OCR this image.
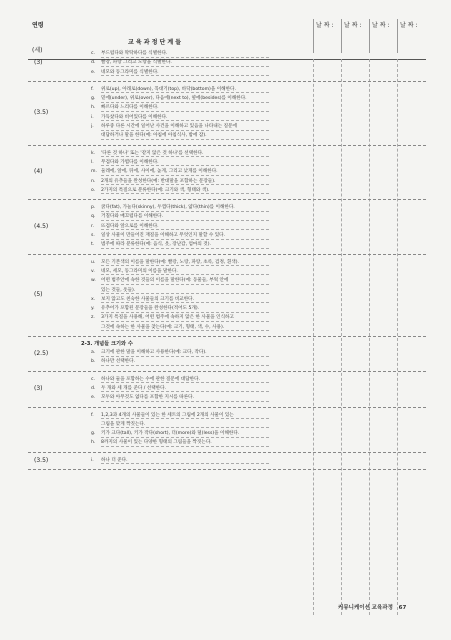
연령
(세)
교 육 과 정 단 계 들
날 짜 : 날 짜 : 날 짜 : 날 짜 :
c. 부드럽다와 딱딱하다를 식별한다.
d. 빨강, 파랑 그리고 노랑을 식별한다.
e. 네모와 동그라미를 식별한다.
(3)
f. 위로(up), 아래로(down), 꼭대기(top), 바닥(bottom)을 이해한다.
g. 밑에(under), 위로(over), 다음에(next to), 옆에(besides)를 이해한다.
h. 빠르다와 느리다를 이해한다.
i. 가득찼다와 비어있다를 이해한다.
j. 하루중 다른 시간에 일어난 사건을 이해하고 있음을 나타내는 질문에
대답하거나 말을 한다(예: 아침에 아침식사, 밤에 잠).
(3.5)
k. '다른 것 하나' 또는 '같지 않은 것 하나'를 선택한다.
l. 무겁다와 가볍다를 이해한다.
m. 둘레에, 앞에, 뒤에, 사이에, 높게, 그리고 낮게를 이해한다.
n. 2개의 유추들을 완성한다(예: 반대말을 포함하는 문장들).
o. 2가지의 특질으로 분류한다(예: 크기와 색, 형태와 색).
(4)
p. 굵다(fat), 가늘다(skinny), 두껍다(thick), 얇다(thin)를 이해한다.
q. 거칠다와 매끄럽다를 이해한다.
r. 뜨겁다와 앞으로를 이해한다.
s. 일상 사물이 만들어진 재질을 이해하고 무엇인지 말할 수 있다.
t. 범주에 따라 분류한다(예: 음식, 옷, 장난감, 엄마의 것).
(4.5)
u. 모든 기본색의 이름을 말한다(예: 빨강, 노랑, 파랑, 초록, 검정, 흰색).
v. 네모, 세모, 동그라미의 이름을 말한다.
w. 어떤 범주안에 속한 것들의 이름을 말한다(예: 동물들, 부엌 안에
있는 것들, 옷들).
x. 보지 않고도 친숙한 사물들의 크기를 비교한다.
y. 유추어가 포함된 문장들을 완성한다(적어도 5개).
z. 3가지 특질을 사용해, 어떤 범주에 속하지 않은 한 사물을 인식하고
그것에 속하는 한 사물을 찾는다(예: 크기, 형태, 색, 수, 사용).
(5)
2-3. 개념들 크기와 수
a. 크기에 관한 말을 이해하고 사용한다(예: 크다, 작다).
b. 하나만 선택한다.
(2.5)
c. 하나와 둘을 포함하는 수에 관한 질문에 대답한다.
d. 두 개와 세 개를 준다 / 선택한다.
e. 모두와 아무것도 없다를 포함한 지시를 따른다.
(3)
f. 1,2,3과 4개의 사물들이 있는 한 세트의 그림에 2개의 사물이 있는
그림을 맞게 짝짓는다.
g. 키가 크다(tall), 키가 작다(short), 더(more)와 덜(less)을 이해한다.
h. 8까지의 사물이 있는 다양한 형태의 그림들을 짝짓는다.
i. 하나 더 준다.
(3.5)
커뮤니케이션 교육과정 67
